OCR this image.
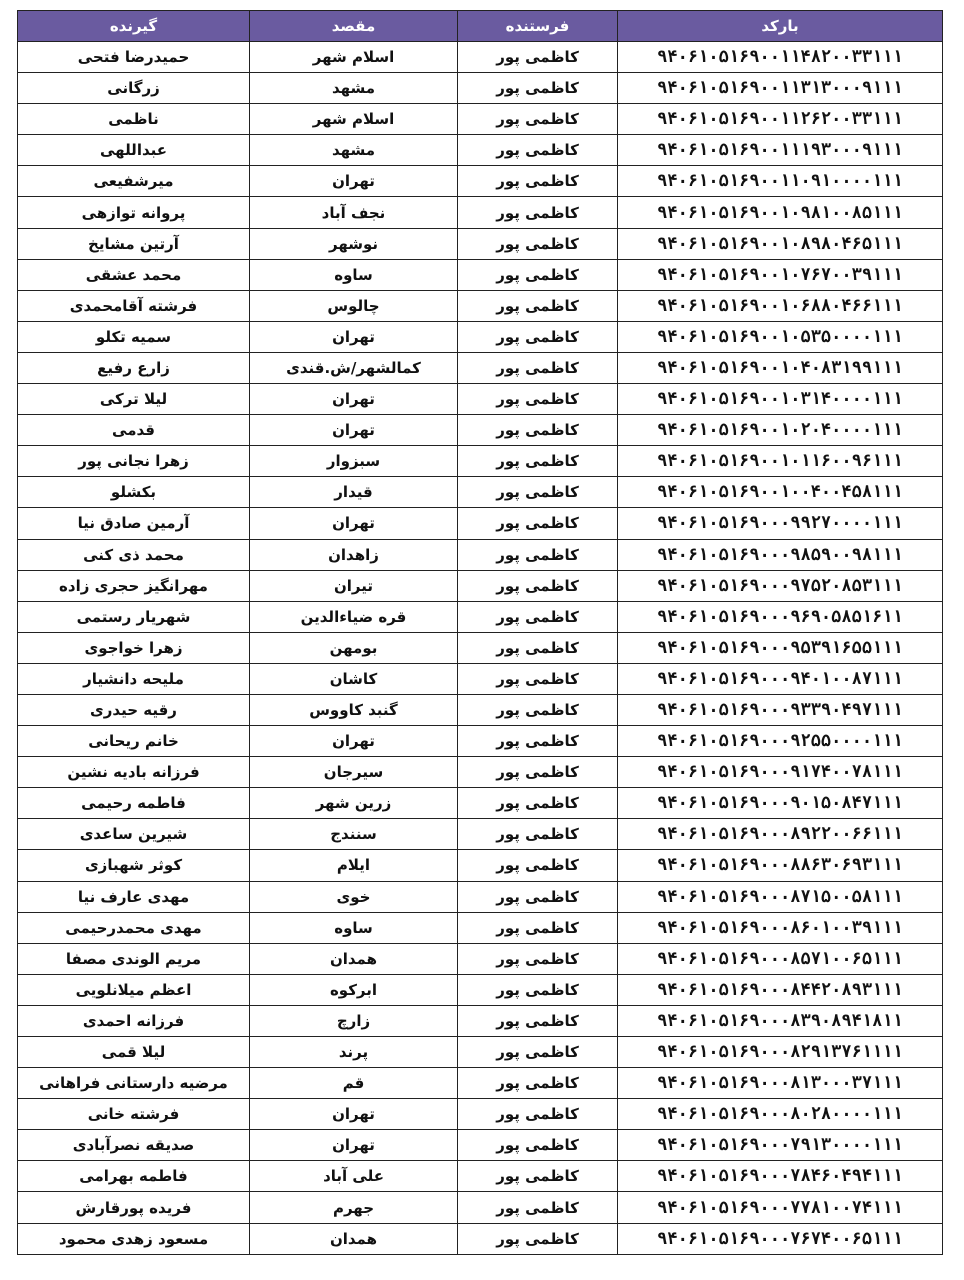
بارکد	فرستنده	مقصد	گیرنده
۹۴۰۶۱۰۵۱۶۹۰۰۱۱۴۸۲۰۰۳۳۱۱۱	کاظمی پور	اسلام شهر	حمیدرضا فتحی
۹۴۰۶۱۰۵۱۶۹۰۰۱۱۳۱۳۰۰۰۹۱۱۱	کاظمی پور	مشهد	زرگانی
۹۴۰۶۱۰۵۱۶۹۰۰۱۱۲۶۲۰۰۳۳۱۱۱	کاظمی پور	اسلام شهر	ناظمی
۹۴۰۶۱۰۵۱۶۹۰۰۱۱۱۹۳۰۰۰۹۱۱۱	کاظمی پور	مشهد	عبداللهی
۹۴۰۶۱۰۵۱۶۹۰۰۱۱۰۹۱۰۰۰۰۱۱۱	کاظمی پور	تهران	میرشفیعی
۹۴۰۶۱۰۵۱۶۹۰۰۱۰۹۸۱۰۰۸۵۱۱۱	کاظمی پور	نجف آباد	پروانه توازهی
۹۴۰۶۱۰۵۱۶۹۰۰۱۰۸۹۸۰۴۶۵۱۱۱	کاظمی پور	نوشهر	آرتین مشایخ
۹۴۰۶۱۰۵۱۶۹۰۰۱۰۷۶۷۰۰۳۹۱۱۱	کاظمی پور	ساوه	محمد عشقی
۹۴۰۶۱۰۵۱۶۹۰۰۱۰۶۸۸۰۴۶۶۱۱۱	کاظمی پور	چالوس	فرشته آقامحمدی
۹۴۰۶۱۰۵۱۶۹۰۰۱۰۵۳۵۰۰۰۰۱۱۱	کاظمی پور	تهران	سمیه تکلو
۹۴۰۶۱۰۵۱۶۹۰۰۱۰۴۰۸۳۱۹۹۱۱۱	کاظمی پور	کمالشهر/ش.قندی	زارع رفیع
۹۴۰۶۱۰۵۱۶۹۰۰۱۰۳۱۴۰۰۰۰۱۱۱	کاظمی پور	تهران	لیلا ترکی
۹۴۰۶۱۰۵۱۶۹۰۰۱۰۲۰۴۰۰۰۰۱۱۱	کاظمی پور	تهران	قدمی
۹۴۰۶۱۰۵۱۶۹۰۰۱۰۱۱۶۰۰۹۶۱۱۱	کاظمی پور	سبزوار	زهرا نجانی پور
۹۴۰۶۱۰۵۱۶۹۰۰۱۰۰۴۰۰۴۵۸۱۱۱	کاظمی پور	قیدار	بکشلو
۹۴۰۶۱۰۵۱۶۹۰۰۰۹۹۲۷۰۰۰۰۱۱۱	کاظمی پور	تهران	آرمین صادق نیا
۹۴۰۶۱۰۵۱۶۹۰۰۰۹۸۵۹۰۰۹۸۱۱۱	کاظمی پور	زاهدان	محمد ذی کنی
۹۴۰۶۱۰۵۱۶۹۰۰۰۹۷۵۲۰۸۵۳۱۱۱	کاظمی پور	تیران	مهرانگیز حجری زاده
۹۴۰۶۱۰۵۱۶۹۰۰۰۹۶۹۰۵۸۵۱۶۱۱	کاظمی پور	قره ضیاءالدین	شهریار رستمی
۹۴۰۶۱۰۵۱۶۹۰۰۰۹۵۳۹۱۶۵۵۱۱۱	کاظمی پور	بومهن	زهرا خواجوی
۹۴۰۶۱۰۵۱۶۹۰۰۰۹۴۰۱۰۰۸۷۱۱۱	کاظمی پور	کاشان	ملیحه دانشیار
۹۴۰۶۱۰۵۱۶۹۰۰۰۹۳۳۹۰۴۹۷۱۱۱	کاظمی پور	گنبد کاووس	رقیه حیدری
۹۴۰۶۱۰۵۱۶۹۰۰۰۹۲۵۵۰۰۰۰۱۱۱	کاظمی پور	تهران	خانم ریحانی
۹۴۰۶۱۰۵۱۶۹۰۰۰۹۱۷۴۰۰۷۸۱۱۱	کاظمی پور	سیرجان	فرزانه بادیه نشین
۹۴۰۶۱۰۵۱۶۹۰۰۰۹۰۱۵۰۸۴۷۱۱۱	کاظمی پور	زرین شهر	فاطمه رحیمی
۹۴۰۶۱۰۵۱۶۹۰۰۰۸۹۲۲۰۰۶۶۱۱۱	کاظمی پور	سنندج	شیرین ساعدی
۹۴۰۶۱۰۵۱۶۹۰۰۰۸۸۶۳۰۶۹۳۱۱۱	کاظمی پور	ایلام	کوثر شهبازی
۹۴۰۶۱۰۵۱۶۹۰۰۰۸۷۱۵۰۰۵۸۱۱۱	کاظمی پور	خوی	مهدی عارف نیا
۹۴۰۶۱۰۵۱۶۹۰۰۰۸۶۰۱۰۰۳۹۱۱۱	کاظمی پور	ساوه	مهدی محمدرحیمی
۹۴۰۶۱۰۵۱۶۹۰۰۰۸۵۷۱۰۰۶۵۱۱۱	کاظمی پور	همدان	مریم الوندی مصفا
۹۴۰۶۱۰۵۱۶۹۰۰۰۸۴۴۲۰۸۹۳۱۱۱	کاظمی پور	ابرکوه	اعظم میلانلویی
۹۴۰۶۱۰۵۱۶۹۰۰۰۸۳۹۰۸۹۴۱۸۱۱	کاظمی پور	زارچ	فرزانه احمدی
۹۴۰۶۱۰۵۱۶۹۰۰۰۸۲۹۱۳۷۶۱۱۱۱	کاظمی پور	پرند	لیلا قمی
۹۴۰۶۱۰۵۱۶۹۰۰۰۸۱۳۰۰۰۳۷۱۱۱	کاظمی پور	قم	مرضیه دارستانی فراهانی
۹۴۰۶۱۰۵۱۶۹۰۰۰۸۰۲۸۰۰۰۰۱۱۱	کاظمی پور	تهران	فرشته خانی
۹۴۰۶۱۰۵۱۶۹۰۰۰۷۹۱۳۰۰۰۰۱۱۱	کاظمی پور	تهران	صدیقه نصرآبادی
۹۴۰۶۱۰۵۱۶۹۰۰۰۷۸۴۶۰۴۹۴۱۱۱	کاظمی پور	علی آباد	فاطمه بهرامی
۹۴۰۶۱۰۵۱۶۹۰۰۰۷۷۸۱۰۰۷۴۱۱۱	کاظمی پور	جهرم	فریده پورقارش
۹۴۰۶۱۰۵۱۶۹۰۰۰۷۶۷۴۰۰۶۵۱۱۱	کاظمی پور	همدان	مسعود زهدی محمود
